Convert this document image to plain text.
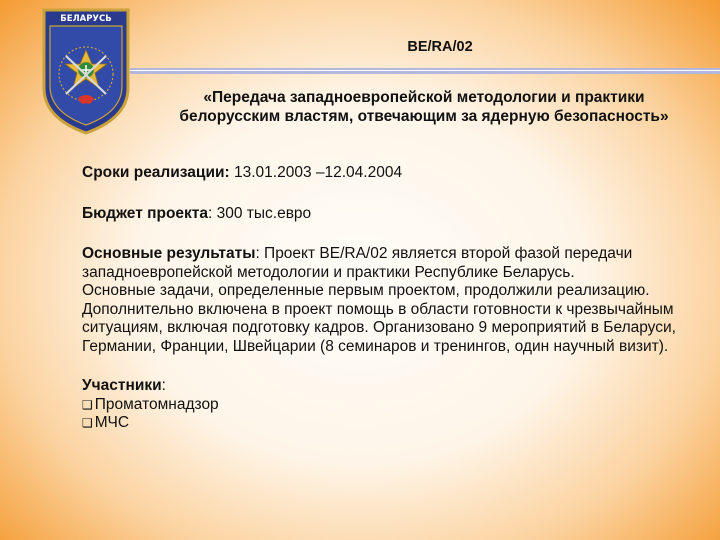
БЕЛАРУСЬ
BE/RA/02
«Передача западноевропейской методологии и практики белорусским властям, отвечающим за ядерную безопасность»

Сроки реализации: 13.01.2003 –12.04.2004

Бюджет проекта: 300 тыс.евро

Основные результаты: Проект BE/RA/02 является второй фазой передачи западноевропейской методологии и практики Республике Беларусь.

Основные задачи, определенные первым проектом, продолжили реализацию. Дополнительно включена в проект помощь в области готовности к чрезвычайным ситуациям, включая подготовку кадров. Организовано 9 мероприятий в Беларуси, Германии, Франции, Швейцарии (8 семинаров и тренингов, один научный визит).

Участники:

❑ Проматомнадзор

❑ МЧС
